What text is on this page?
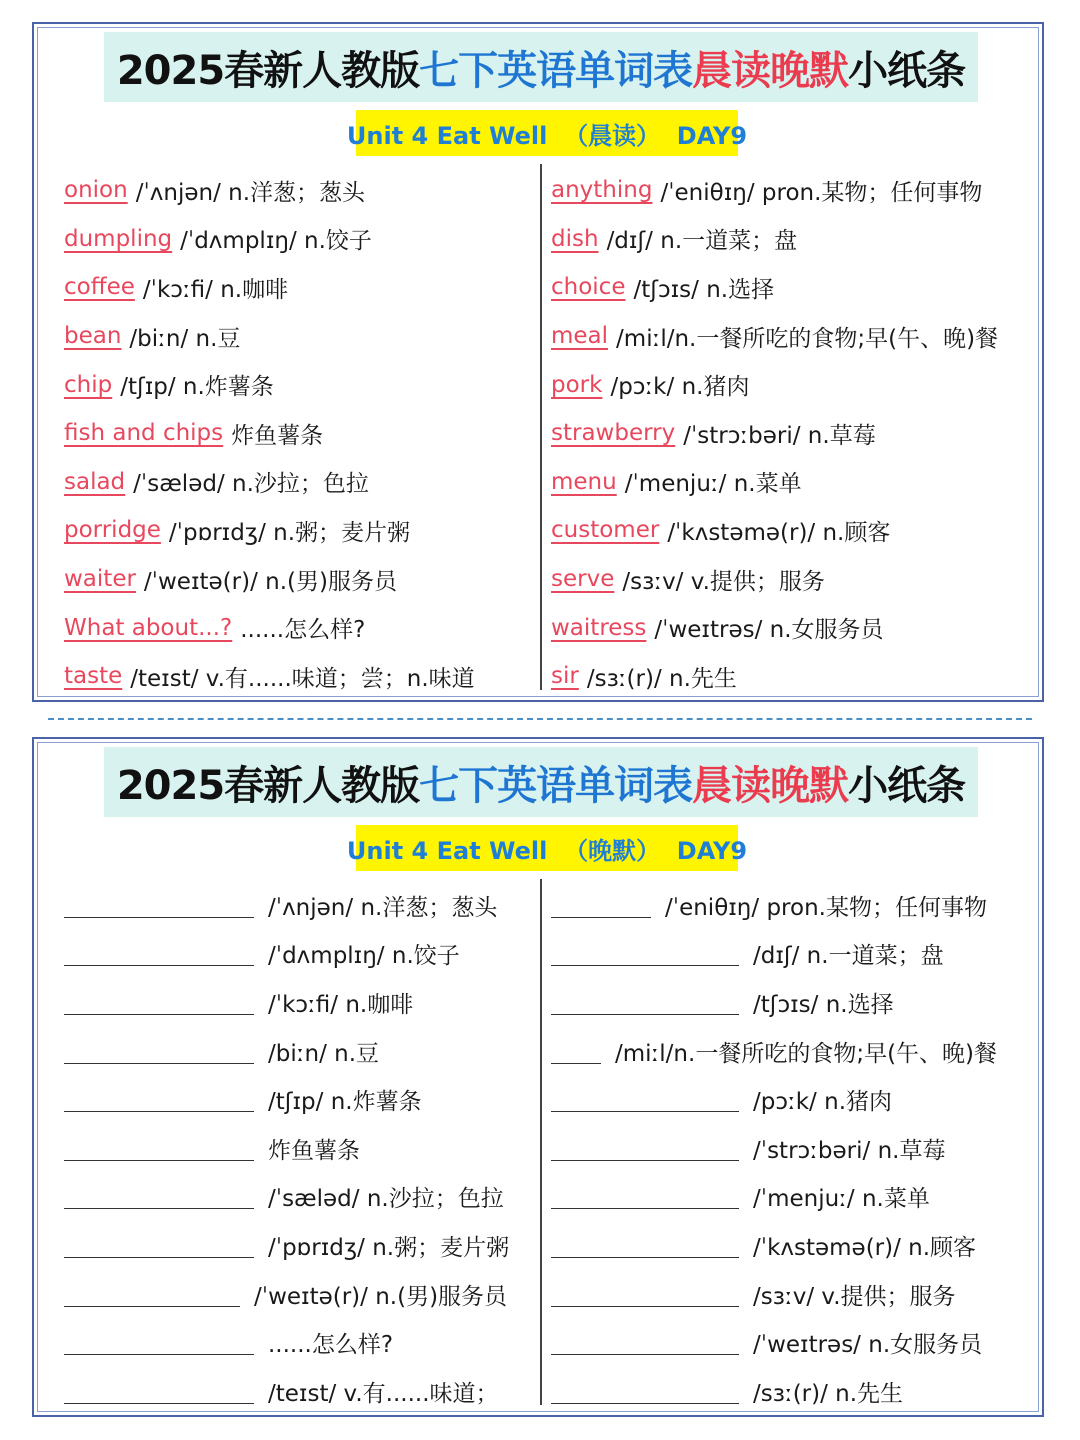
2025春新人教版 七下英语单词表 晨读晚默 小纸条
Unit 4 Eat Well  （晨读）  DAY9
onion /ˈʌnjən/ n.洋葱；葱头
dumpling /ˈdʌmplɪŋ/ n.饺子
coffee /ˈkɔːfi/ n.咖啡
bean /biːn/ n.豆
chip /tʃɪp/ n.炸薯条
fish and chips 炸鱼薯条
salad /ˈsæləd/ n.沙拉；色拉
porridge /ˈpɒrɪdʒ/ n.粥；麦片粥
waiter /ˈweɪtə(r)/ n.(男)服务员
What about...? ......怎么样?
taste /teɪst/ v.有......味道；尝；n.味道
anything /ˈeniθɪŋ/ pron.某物；任何事物
dish /dɪʃ/ n.一道菜；盘
choice /tʃɔɪs/ n.选择
meal /miːl/n.一餐所吃的食物;早(午、晚)餐
pork /pɔːk/ n.猪肉
strawberry /ˈstrɔːbəri/ n.草莓
menu /ˈmenjuː/ n.菜单
customer /ˈkʌstəmə(r)/ n.顾客
serve /sɜːv/ v.提供；服务
waitress /ˈweɪtrəs/ n.女服务员
sir /sɜː(r)/ n.先生
2025春新人教版 七下英语单词表 晨读晚默 小纸条
Unit 4 Eat Well  （晚默）  DAY9
/ˈʌnjən/ n.洋葱；葱头
/ˈdʌmplɪŋ/ n.饺子
/ˈkɔːfi/ n.咖啡
/biːn/ n.豆
/tʃɪp/ n.炸薯条
炸鱼薯条
/ˈsæləd/ n.沙拉；色拉
/ˈpɒrɪdʒ/ n.粥；麦片粥
/ˈweɪtə(r)/ n.(男)服务员
......怎么样?
/teɪst/ v.有......味道；
/ˈeniθɪŋ/ pron.某物；任何事物
/dɪʃ/ n.一道菜；盘
/tʃɔɪs/ n.选择
/miːl/n.一餐所吃的食物;早(午、晚)餐
/pɔːk/ n.猪肉
/ˈstrɔːbəri/ n.草莓
/ˈmenjuː/ n.菜单
/ˈkʌstəmə(r)/ n.顾客
/sɜːv/ v.提供；服务
/ˈweɪtrəs/ n.女服务员
/sɜː(r)/ n.先生
